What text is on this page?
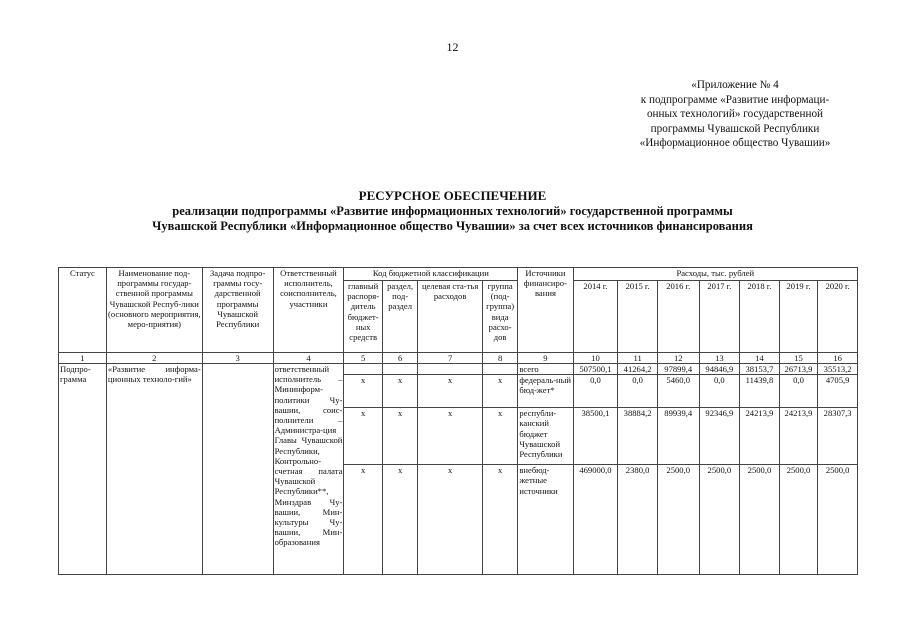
12
«Приложение № 4
к подпрограмме «Развитие информаци-
онных технологий» государственной
программы Чувашской Республики
«Информационное общество Чувашии»
РЕСУРСНОЕ ОБЕСПЕЧЕНИЕ
реализации подпрограммы «Развитие информационных технологий» государственной программы
Чувашской Республики «Информационное общество Чувашии» за счет всех источников финансирования
Статус	Наименование под-программы государ-ственной программы Чувашской Респуб-лики (основного мероприятия, меро-приятия)	Задача подпро-граммы госу-дарственной программы Чувашской Республики	Ответственный исполнитель, соисполнитель, участники	Код бюджетной классификации				Источники финансиро-вания	Расходы, тыс. рублей						
				главный распоря-дитель бюджет-ных средств	раздел, под-раздел	целевая ста-тья расходов	группа (под-группа) вида расхо-дов		2014 г.	2015 г.	2016 г.	2017 г.	2018 г.	2019 г.	2020 г.
1	2	3	4	5	6	7	8	9	10	11	12	13	14	15	16
Подпро-грамма	«Развитие информа-ционных техноло-гий»		ответственный исполнитель – Мининформ-политики Чу-вашии, соис-полнители – Администра-ция Главы Чувашской Республики, Контрольно-счетная палата Чувашской Республики**, Минздрав Чу-вашии, Мин-культуры Чу-вашии, Мин-образования					всего	507500,1	41264,2	97899,4	94846,9	38153,7	26713,9	35513,2
				x	x	x	x	федераль-ный бюд-жет*	0,0	0,0	5460,0	0,0	11439,8	0,0	4705,9
				x	x	x	x	республи-канский бюджет Чувашской Республики	38500,1	38884,2	89939,4	92346,9	24213,9	24213,9	28307,3
				x	x	x	x	внебюд-жетные источники	469000,0	2380,0	2500,0	2500,0	2500,0	2500,0	2500,0
